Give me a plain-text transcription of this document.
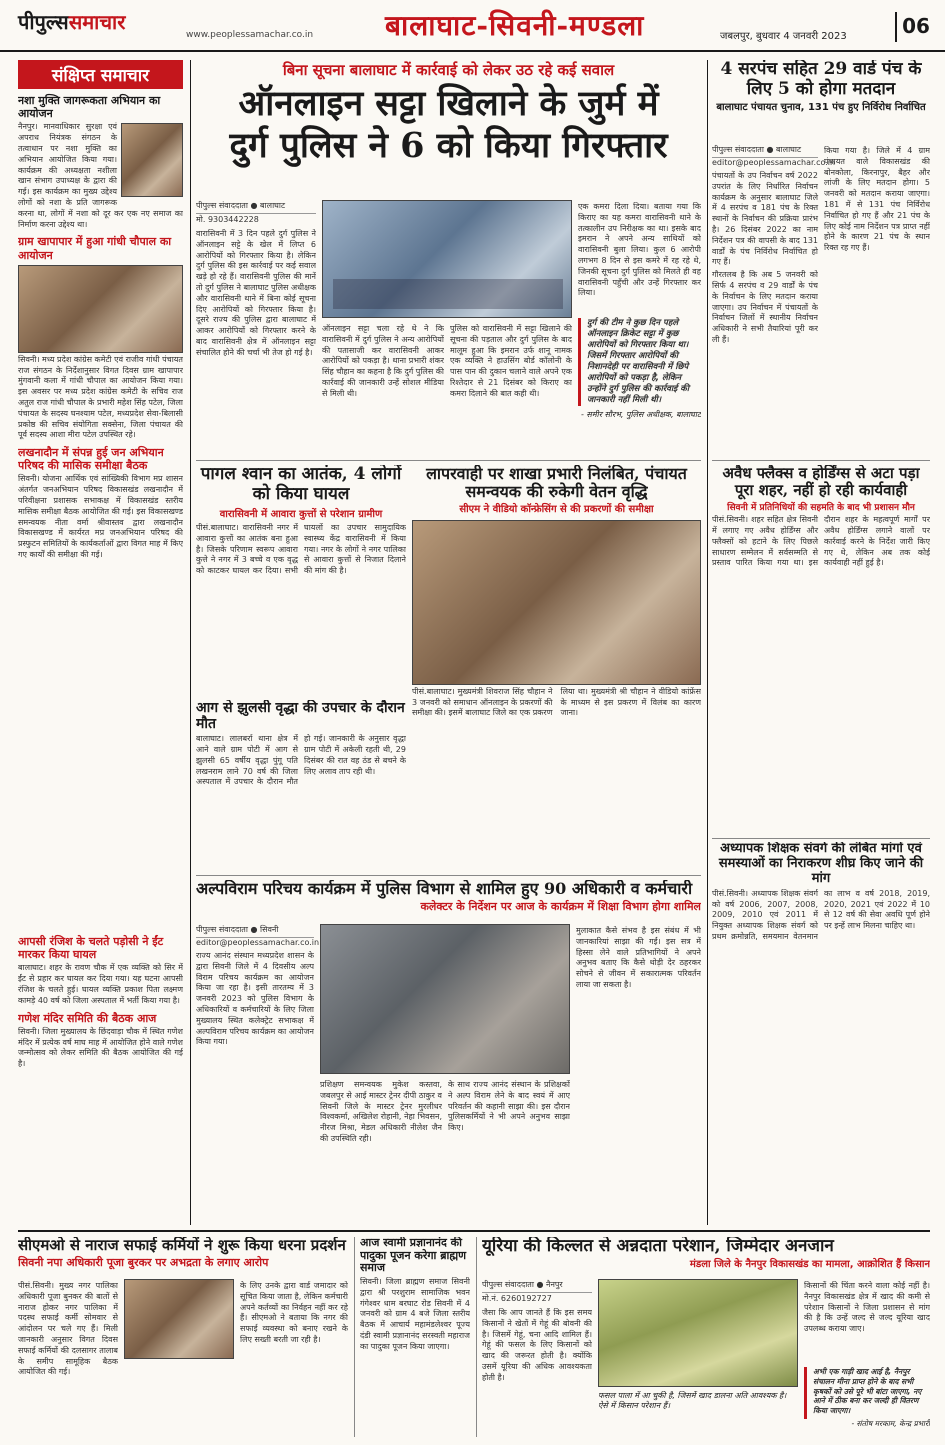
पीपुल्ससमाचार
www.peoplessamachar.co.in	बालाघाट-सिवनी-मण्डला	जबलपुर, बुधवार 4 जनवरी 2023	06
संक्षिप्त समाचार
नशा मुक्ति जागरूकता अभियान का आयोजन
नैनपुर। मानवाधिकार सुरक्षा एवं अपराध नियंत्रक संगठन के तत्वाधान पर नशा मुक्ति का अभियान आयोजित किया गया। कार्यक्रम की अध्यक्षता नशीला खान संभाग उपाध्यक्ष के द्वारा की गई। इस कार्यक्रम का मुख्य उद्देश्य लोगों को नशा के प्रति जागरूक करना था, लोगों में नशा को दूर कर एक नए समाज का निर्माण करना उद्देश्य था।
ग्राम खापापार में हुआ गांधी चौपाल का आयोजन
सिवनी। मध्य प्रदेश कांग्रेस कमेटी एवं राजीव गांधी पंचायत राज संगठन के निर्देशानुसार विगत दिवस ग्राम खापापार मुंगवानी कला में गांधी चौपाल का आयोजन किया गया। इस अवसर पर मध्य प्रदेश कांग्रेस कमेटी के सचिव राज अतुल राज गांधी चौपाल के प्रभारी महेश सिंह पटेल, जिला पंचायत के सदस्य घनश्याम पटेल, मध्यप्रदेश सेवा-बिलासी प्रकोष्ठ की सचिव संयोगिता सक्सेना, जिला पंचायत की पूर्व सदस्य आशा मीरा पटेल उपस्थित रहे।
लखनादौन में संपन्न हुई जन अभियान परिषद की मासिक समीक्षा बैठक
सिवनी। योजना आर्थिक एवं सांख्यिकी विभाग मप्र शासन अंतर्गत जनअभियान परिषद विकासखंड लखनादौन में परिवीक्षना प्रशासक सभाकक्ष में विकासखंड स्तरीय मासिक समीक्षा बैठक आयोजित की गई। इस विकासखण्ड समन्वयक नीता वर्मा श्रीवास्तव द्वारा लखनादौन विकासखण्ड में कार्यरत मप्र जनअभियान परिषद की प्रस्फुटन समितियों के कार्यकर्ताओं द्वारा विगत माह में किए गए कार्यों की समीक्षा की गई।
आपसी रंजिश के चलते पड़ोसी ने ईंट मारकर किया घायल
बालाघाट। शहर के रावण चौक में एक व्यक्ति को सिर में ईंट से प्रहार कर घायल कर दिया गया। यह घटना आपसी रंजिश के चलते हुई। घायल व्यक्ति प्रकाश पिता लक्ष्मण कामड़े 40 वर्ष को जिला अस्पताल में भर्ती किया गया है।
गणेश मंदिर समिति की बैठक आज
सिवनी। जिला मुख्यालय के छिंदवाड़ा चौक में स्थित गणेश मंदिर में प्रत्येक वर्ष माघ माह में आयोजित होने वाले गणेश जन्मोत्सव को लेकर समिति की बैठक आयोजित की गई है।
बिना सूचना बालाघाट में कार्रवाई को लेकर उठ रहे कई सवाल
ऑनलाइन सट्टा खिलाने के जुर्म में
दुर्ग पुलिस ने 6 को किया गिरफ्तार
पीपुल्स संवाददाता ● बालाघाट
मो. 9303442228
वारासिवनी में 3 दिन पहले दुर्ग पुलिस ने ऑनलाइन सट्टे के खेल में लिप्त 6 आरोपियों को गिरफ्तार किया है। लेकिन दुर्ग पुलिस की इस कार्रवाई पर कई सवाल खड़े हो रहे हैं। वारासिवनी पुलिस की मानें तो दुर्ग पुलिस ने बालाघाट पुलिस अधीक्षक और वारासिवनी थाने में बिना कोई सूचना दिए आरोपियों को गिरफ्तार किया है। दूसरे राज्य की पुलिस द्वारा बालाघाट में आकर आरोपियों को गिरफ्तार करने के बाद वारासिवनी क्षेत्र में ऑनलाइन सट्टा संचालित होने की चर्चा भी तेज हो गई है।
ऑनलाइन सट्टा चला रहे थे ने कि वारासिवनी में दुर्ग पुलिस ने अन्य आरोपियों की पतासाजी कर वारासिवनी आकर आरोपियों को पकड़ा है। थाना प्रभारी शंकर सिंह चौहान का कहना है कि दुर्ग पुलिस की कार्रवाई की जानकारी उन्हें सोशल मीडिया से मिली थी।
पुलिस को वारासिवनी में सट्टा खिलाने की सूचना की पड़ताल और दुर्ग पुलिस के बाद मालूम हुआ कि इमरान उर्फ शानू नामक एक व्यक्ति ने हाउसिंग बोर्ड कॉलोनी के पास पान की दुकान चलाने वाले अपने एक रिश्तेदार से 21 दिसंबर को किराए का कमरा दिलाने की बात कही थी।
एक कमरा दिला दिया। बताया गया कि किराए का यह कमरा वारासिवनी थाने के तत्कालीन उप निरीक्षक का था। इसके बाद इमरान ने अपने अन्य साथियों को वारासिवनी बुला लिया। कुल 6 आरोपी लगभग 8 दिन से इस कमरे में रह रहे थे, जिनकी सूचना दुर्ग पुलिस को मिलते ही वह वारासिवनी पहुँची और उन्हें गिरफ्तार कर लिया।
दुर्ग की टीम ने कुछ दिन पहले ऑनलाइन क्रिकेट सट्टा में कुछ आरोपियों को गिरफ्तार किया था। जिसमें गिरफ्तार आरोपियों की निशानदेही पर वारासिवनी में छिपे आरोपियों को पकड़ा है, लेकिन उन्होंने दुर्ग पुलिस की कार्रवाई की जानकारी नहीं मिली थी।
- समीर सौरभ, पुलिस अधीक्षक, बालाघाट
4 सरपंच सहित 29 वार्ड पंच के लिए 5 को होगा मतदान
बालाघाट पंचायत चुनाव, 131 पंच हुए निर्विरोध निर्वाचित
पीपुल्स संवाददाता ● बालाघाट
editor@peoplessamachar.co.in
पंचायतों के उप निर्वाचन वर्ष 2022 उपरांत के लिए निर्धारित निर्वाचन कार्यक्रम के अनुसार बालाघाट जिले में 4 सरपंच व 181 पंच के रिक्त स्थानों के निर्वाचन की प्रक्रिया प्रारंभ है। 26 दिसंबर 2022 का नाम निर्देशन पत्र की वापसी के बाद 131 वार्डों के पंच निर्विरोध निर्वाचित हो गए हैं।
गौरतलब है कि अब 5 जनवरी को सिर्फ 4 सरपंच व 29 वार्डों के पंच के निर्वाचन के लिए मतदान कराया जाएगा। उप निर्वाचन में पंचायतों के निर्वाचन जिलों में स्थानीय निर्वाचन अधिकारी ने सभी तैयारियां पूरी कर ली हैं।
किया गया है। जिले में 4 ग्राम पंचायत वाले विकासखंड की बोनकोला, किरनापुर, बैहर और लांजी के लिए मतदान होगा। 5 जनवरी को मतदान कराया जाएगा। 181 में से 131 पंच निर्विरोध निर्वाचित हो गए हैं और 21 पंच के लिए कोई नाम निर्देशन पत्र प्राप्त नहीं होने के कारण 21 पंच के स्थान रिक्त रह गए हैं।
पागल श्वान का आतंक, 4 लोगों को किया घायल
वारासिवनी में आवारा कुत्तों से परेशान ग्रामीण
पीसं.बालाघाट। वारासिवनी नगर में आवारा कुत्तों का आतंक बना हुआ है। जिसके परिणाम स्वरूप आवारा कुत्ते ने नगर में 3 बच्चे व एक वृद्ध को काटकर घायल कर दिया। सभी घायलों का उपचार सामुदायिक स्वास्थ्य केंद्र वारासिवनी में किया गया। नगर के लोगों ने नगर पालिका से आवारा कुत्तों से निजात दिलाने की मांग की है।
आग से झुलसी वृद्धा की उपचार के दौरान मौत
बालाघाट। लालबर्रा थाना क्षेत्र में आने वाले ग्राम पोटी में आग से झुलसी 65 वर्षीय वृद्धा पुंगू पति लखनराम लाने 70 वर्ष की जिला अस्पताल में उपचार के दौरान मौत हो गई। जानकारी के अनुसार वृद्धा ग्राम पोटी में अकेली रहती थी, 29 दिसंबर की रात वह ठंड से बचने के लिए अलाव ताप रही थी।
लापरवाही पर शाखा प्रभारी निलंबित, पंचायत समन्वयक की रुकेगी वेतन वृद्धि
सीएम ने वीडियो कॉन्फ्रेसिंग से की प्रकरणों की समीक्षा
पीसं.बालाघाट। मुख्यमंत्री शिवराज सिंह चौहान ने 3 जनवरी को समाधान ऑनलाइन के प्रकरणों की समीक्षा की। इसमें बालाघाट जिले का एक प्रकरण लिया था। मुख्यमंत्री श्री चौहान ने वीडियो कांफ्रेंस के माध्यम से इस प्रकरण में विलंब का कारण जाना।
अवैध फ्लैक्स व होर्डिंग्स से अटा पड़ा पूरा शहर, नहीं हो रही कार्यवाही
सिवनी में प्रतिनिधियों की सहमति के बाद भी प्रशासन मौन
पीसं.सिवनी। शहर सहित क्षेत्र सिवनी में लगाए गए अवैध होर्डिंग्स और फ्लैक्सों को हटाने के लिए पिछले साधारण सम्मेलन में सर्वसम्मति से प्रस्ताव पारित किया गया था। इस दौरान शहर के महत्वपूर्ण मार्गों पर अवैध होर्डिंग्स लगाने वालों पर कार्रवाई करने के निर्देश जारी किए गए थे, लेकिन अब तक कोई कार्यवाही नहीं हुई है।
अध्यापक शिक्षक संवर्ग की लंबित मांगों एवं समस्याओं का निराकरण शीघ्र किए जाने की मांग
पीसं.सिवनी। अध्यापक शिक्षक संवर्ग को वर्ष 2006, 2007, 2008, 2009, 2010 एवं 2011 में नियुक्त अध्यापक शिक्षक संवर्ग को प्रथम क्रमोन्नति, समयमान वेतनमान का लाभ व वर्ष 2018, 2019, 2020, 2021 एवं 2022 में 10 से 12 वर्ष की सेवा अवधि पूर्ण होने पर इन्हें लाभ मिलना चाहिए था।
अल्पविराम परिचय कार्यक्रम में पुलिस विभाग से शामिल हुए 90 अधिकारी व कर्मचारी
कलेक्टर के निर्देशन पर आज के कार्यक्रम में शिक्षा विभाग होगा शामिल
पीपुल्स संवाददाता ● सिवनी
editor@peoplessamachar.co.in
राज्य आनंद संस्थान मध्यप्रदेश शासन के द्वारा सिवनी जिले में 4 दिवसीय अल्प विराम परिचय कार्यक्रम का आयोजन किया जा रहा है। इसी तारतम्य में 3 जनवरी 2023 को पुलिस विभाग के अधिकारियों व कर्मचारियों के लिए जिला मुख्यालय स्थित कलेक्ट्रेट सभाकक्ष में अल्पविराम परिचय कार्यक्रम का आयोजन किया गया।
प्रशिक्षण समन्वयक मुकेश कस्तवा, जबलपुर से आई मास्टर ट्रेनर दीपी ठाकुर व सिवनी जिले के मास्टर ट्रेनर मुरलीधर विश्वकर्मा, अखिलेश रोहानी, नेहा भिवसन, नीरज मिश्रा, मेडल अधिकारी नीलेश जैन की उपस्थिति रही।
के साथ राज्य आनंद संस्थान के प्रशिक्षकों ने अल्प विराम लेने के बाद स्वयं में आए परिवर्तन की कहानी साझा की। इस दौरान पुलिसकर्मियों ने भी अपने अनुभव साझा किए।
मुलाकात कैसे संभव है इस संबंध में भी जानकारियां साझा की गईं। इस सत्र में हिस्सा लेने वाले प्रतिभागियों ने अपने अनुभव बताए कि कैसे थोड़ी देर ठहरकर सोचने से जीवन में सकारात्मक परिवर्तन लाया जा सकता है।
सीएमओ से नाराज सफाई कर्मियों ने शुरू किया धरना प्रदर्शन
सिवनी नपा अधिकारी पूजा बुरकर पर अभद्रता के लगाए आरोप
पीसं.सिवनी। मुख्य नगर पालिका अधिकारी पूजा बुनकर की बातों से नाराज होकर नगर पालिका में पदस्थ सफाई कर्मी सोमवार से आंदोलन पर चले गए हैं। मिली जानकारी अनुसार विगत दिवस सफाई कर्मियों की दलसागर तालाब के समीप सामूहिक बैठक आयोजित की गई।
के लिए उनके द्वारा वार्ड जमादार को सूचित किया जाता है, लेकिन कर्मचारी अपने कर्तव्यों का निर्वहन नहीं कर रहे हैं। सीएमओ ने बताया कि नगर की सफाई व्यवस्था को बनाए रखने के लिए सख्ती बरती जा रही है।
आज स्वामी प्रज्ञानानंद की पादुका पूजन करेगा ब्राह्मण समाज
सिवनी। जिला ब्राह्मण समाज सिवनी द्वारा श्री परशुराम सामाजिक भवन गंगेश्वर धाम बरघाट रोड सिवनी में 4 जनवरी को ग्राम 4 बजे जिला स्तरीय बैठक में आचार्य महामंडलेश्वर पूज्य दंडी स्वामी प्रज्ञानानंद सरस्वती महाराज का पादुका पूजन किया जाएगा।
यूरिया की किल्लत से अन्नदाता परेशान, जिम्मेदार अनजान
मंडला जिले के नैनपुर विकासखंड का मामला, आक्रोशित हैं किसान
पीपुल्स संवाददाता ● नैनपुर
मो.नं. 6260192727
जैसा कि आप जानते हैं कि इस समय किसानों ने खेतों में गेहूं की बोवनी की है। जिसमें गेहूं, चना आदि शामिल हैं। गेहूं की फसल के लिए किसानों को खाद की जरूरत होती है। क्योंकि उसमें यूरिया की अधिक आवश्यकता होती है।
फसल पाला में आ चुकी है, जिसमें खाद डालना अति आवश्यक है। ऐसे में किसान परेशान हैं।
किसानों की चिंता करने वाला कोई नहीं है। नैनपुर विकासखंड क्षेत्र में खाद की कमी से परेशान किसानों ने जिला प्रशासन से मांग की है कि उन्हें जल्द से जल्द यूरिया खाद उपलब्ध कराया जाए।
अभी एक गाड़ी खाद आई है, नैनपुर संचालन मीना प्राप्त होने के बाद सभी कृषकों को उसे पूरे भी बांटा जाएगा, नए आने में ठीक बना कर जल्दी ही वितरण किया जाएगा।
- संतोष मरकाम, केन्द्र प्रभारी
